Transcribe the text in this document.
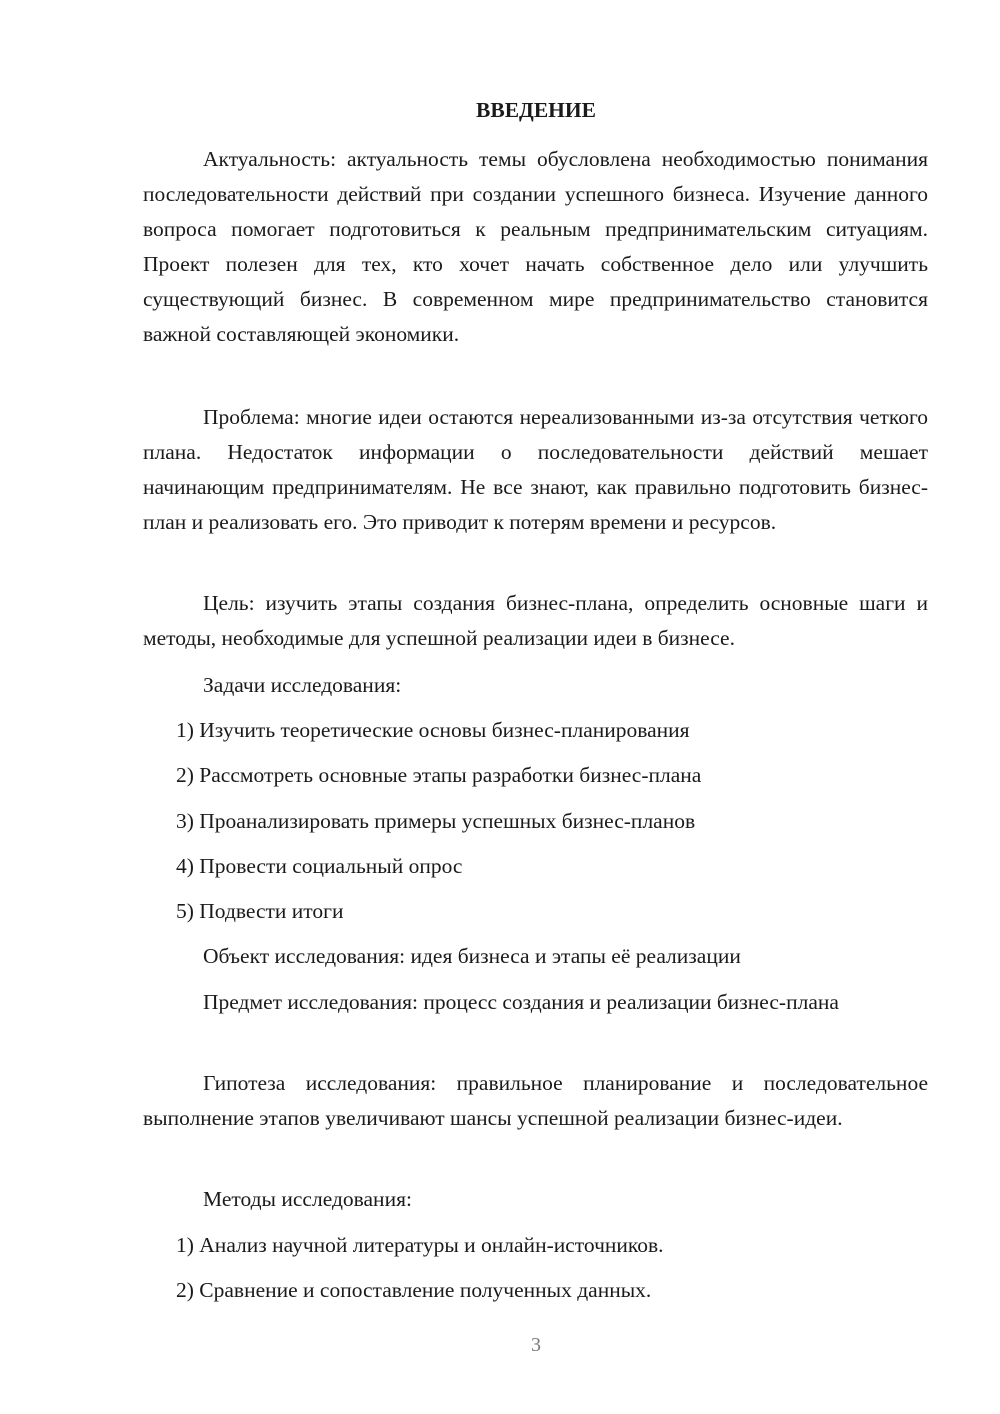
ВВЕДЕНИЕ

Актуальность: актуальность темы обусловлена необходимостью понимания последовательности действий при создании успешного бизнеса. Изучение данного вопроса помогает подготовиться к реальным предпринимательским ситуациям. Проект полезен для тех, кто хочет начать собственное дело или улучшить существующий бизнес. В современном мире предпринимательство становится важной составляющей экономики.

Проблема: многие идеи остаются нереализованными из-за отсутствия четкого плана. Недостаток информации о последовательности действий мешает начинающим предпринимателям. Не все знают, как правильно подготовить бизнес-план и реализовать его. Это приводит к потерям времени и ресурсов.

Цель: изучить этапы создания бизнес-плана, определить основные шаги и методы, необходимые для успешной реализации идеи в бизнесе.

Задачи исследования:

1) Изучить теоретические основы бизнес-планирования

2) Рассмотреть основные этапы разработки бизнес-плана

3) Проанализировать примеры успешных бизнес-планов

4) Провести социальный опрос

5) Подвести итоги

Объект исследования: идея бизнеса и этапы её реализации

Предмет исследования: процесс создания и реализации бизнес-плана

Гипотеза исследования: правильное планирование и последовательное выполнение этапов увеличивают шансы успешной реализации бизнес-идеи.

Методы исследования:

1) Анализ научной литературы и онлайн-источников.

2) Сравнение и сопоставление полученных данных.

3
